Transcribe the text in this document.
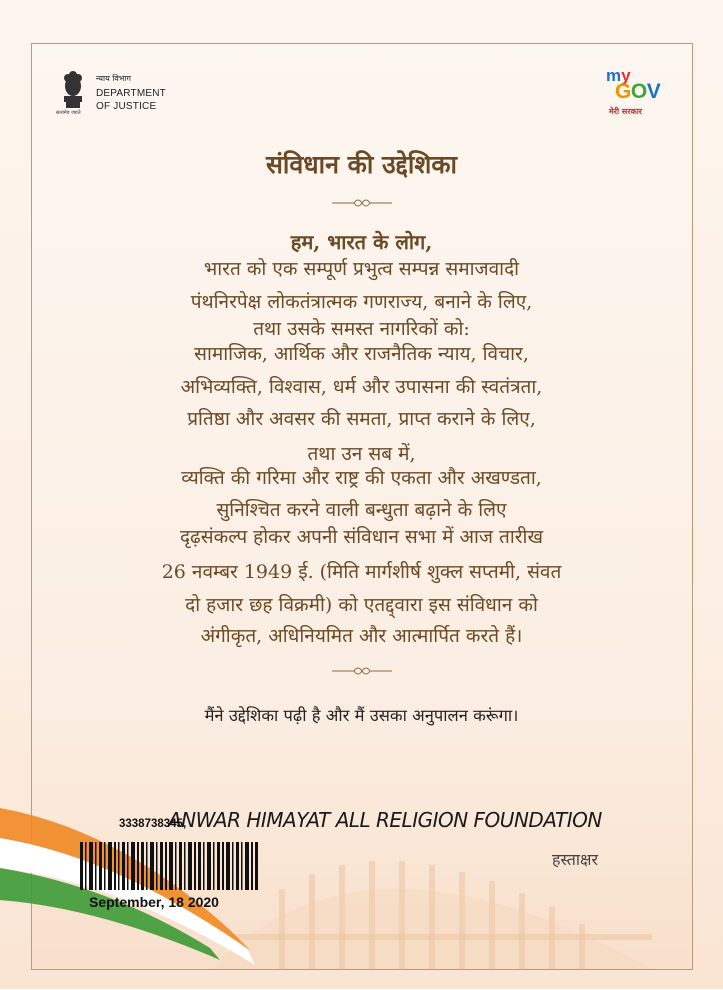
सत्यमेव जयते
न्याय विभाग
DEPARTMENT
OF JUSTICE
my
GOV
मेरी सरकार
संविधान की उद्देशिका
हम, भारत के लोग,
भारत को एक सम्पूर्ण प्रभुत्व सम्पन्न समाजवादी
पंथनिरपेक्ष लोकतंत्रात्मक गणराज्य, बनाने के लिए,
तथा उसके समस्त नागरिकों को:
सामाजिक, आर्थिक और राजनैतिक न्याय, विचार,
अभिव्यक्ति, विश्वास, धर्म और उपासना की स्वतंत्रता,
प्रतिष्ठा और अवसर की समता, प्राप्त कराने के लिए,
तथा उन सब में,
व्यक्ति की गरिमा और राष्ट्र की एकता और अखण्डता,
सुनिश्चित करने वाली बन्धुता बढ़ाने के लिए
दृढ़संकल्प होकर अपनी संविधान सभा में आज तारीख
26 नवम्बर 1949 ई. (मिति मार्गशीर्ष शुक्ल सप्तमी, संवत
दो हजार छह विक्रमी) को एतद्द्वारा इस संविधान को
अंगीकृत, अधिनियमित और आत्मार्पित करते हैं।
मैंने उद्देशिका पढ़ी है और मैं उसका अनुपालन करूंगा।
ANWAR HIMAYAT ALL RELIGION FOUNDATION
3338738345,
हस्ताक्षर
September, 18 2020
